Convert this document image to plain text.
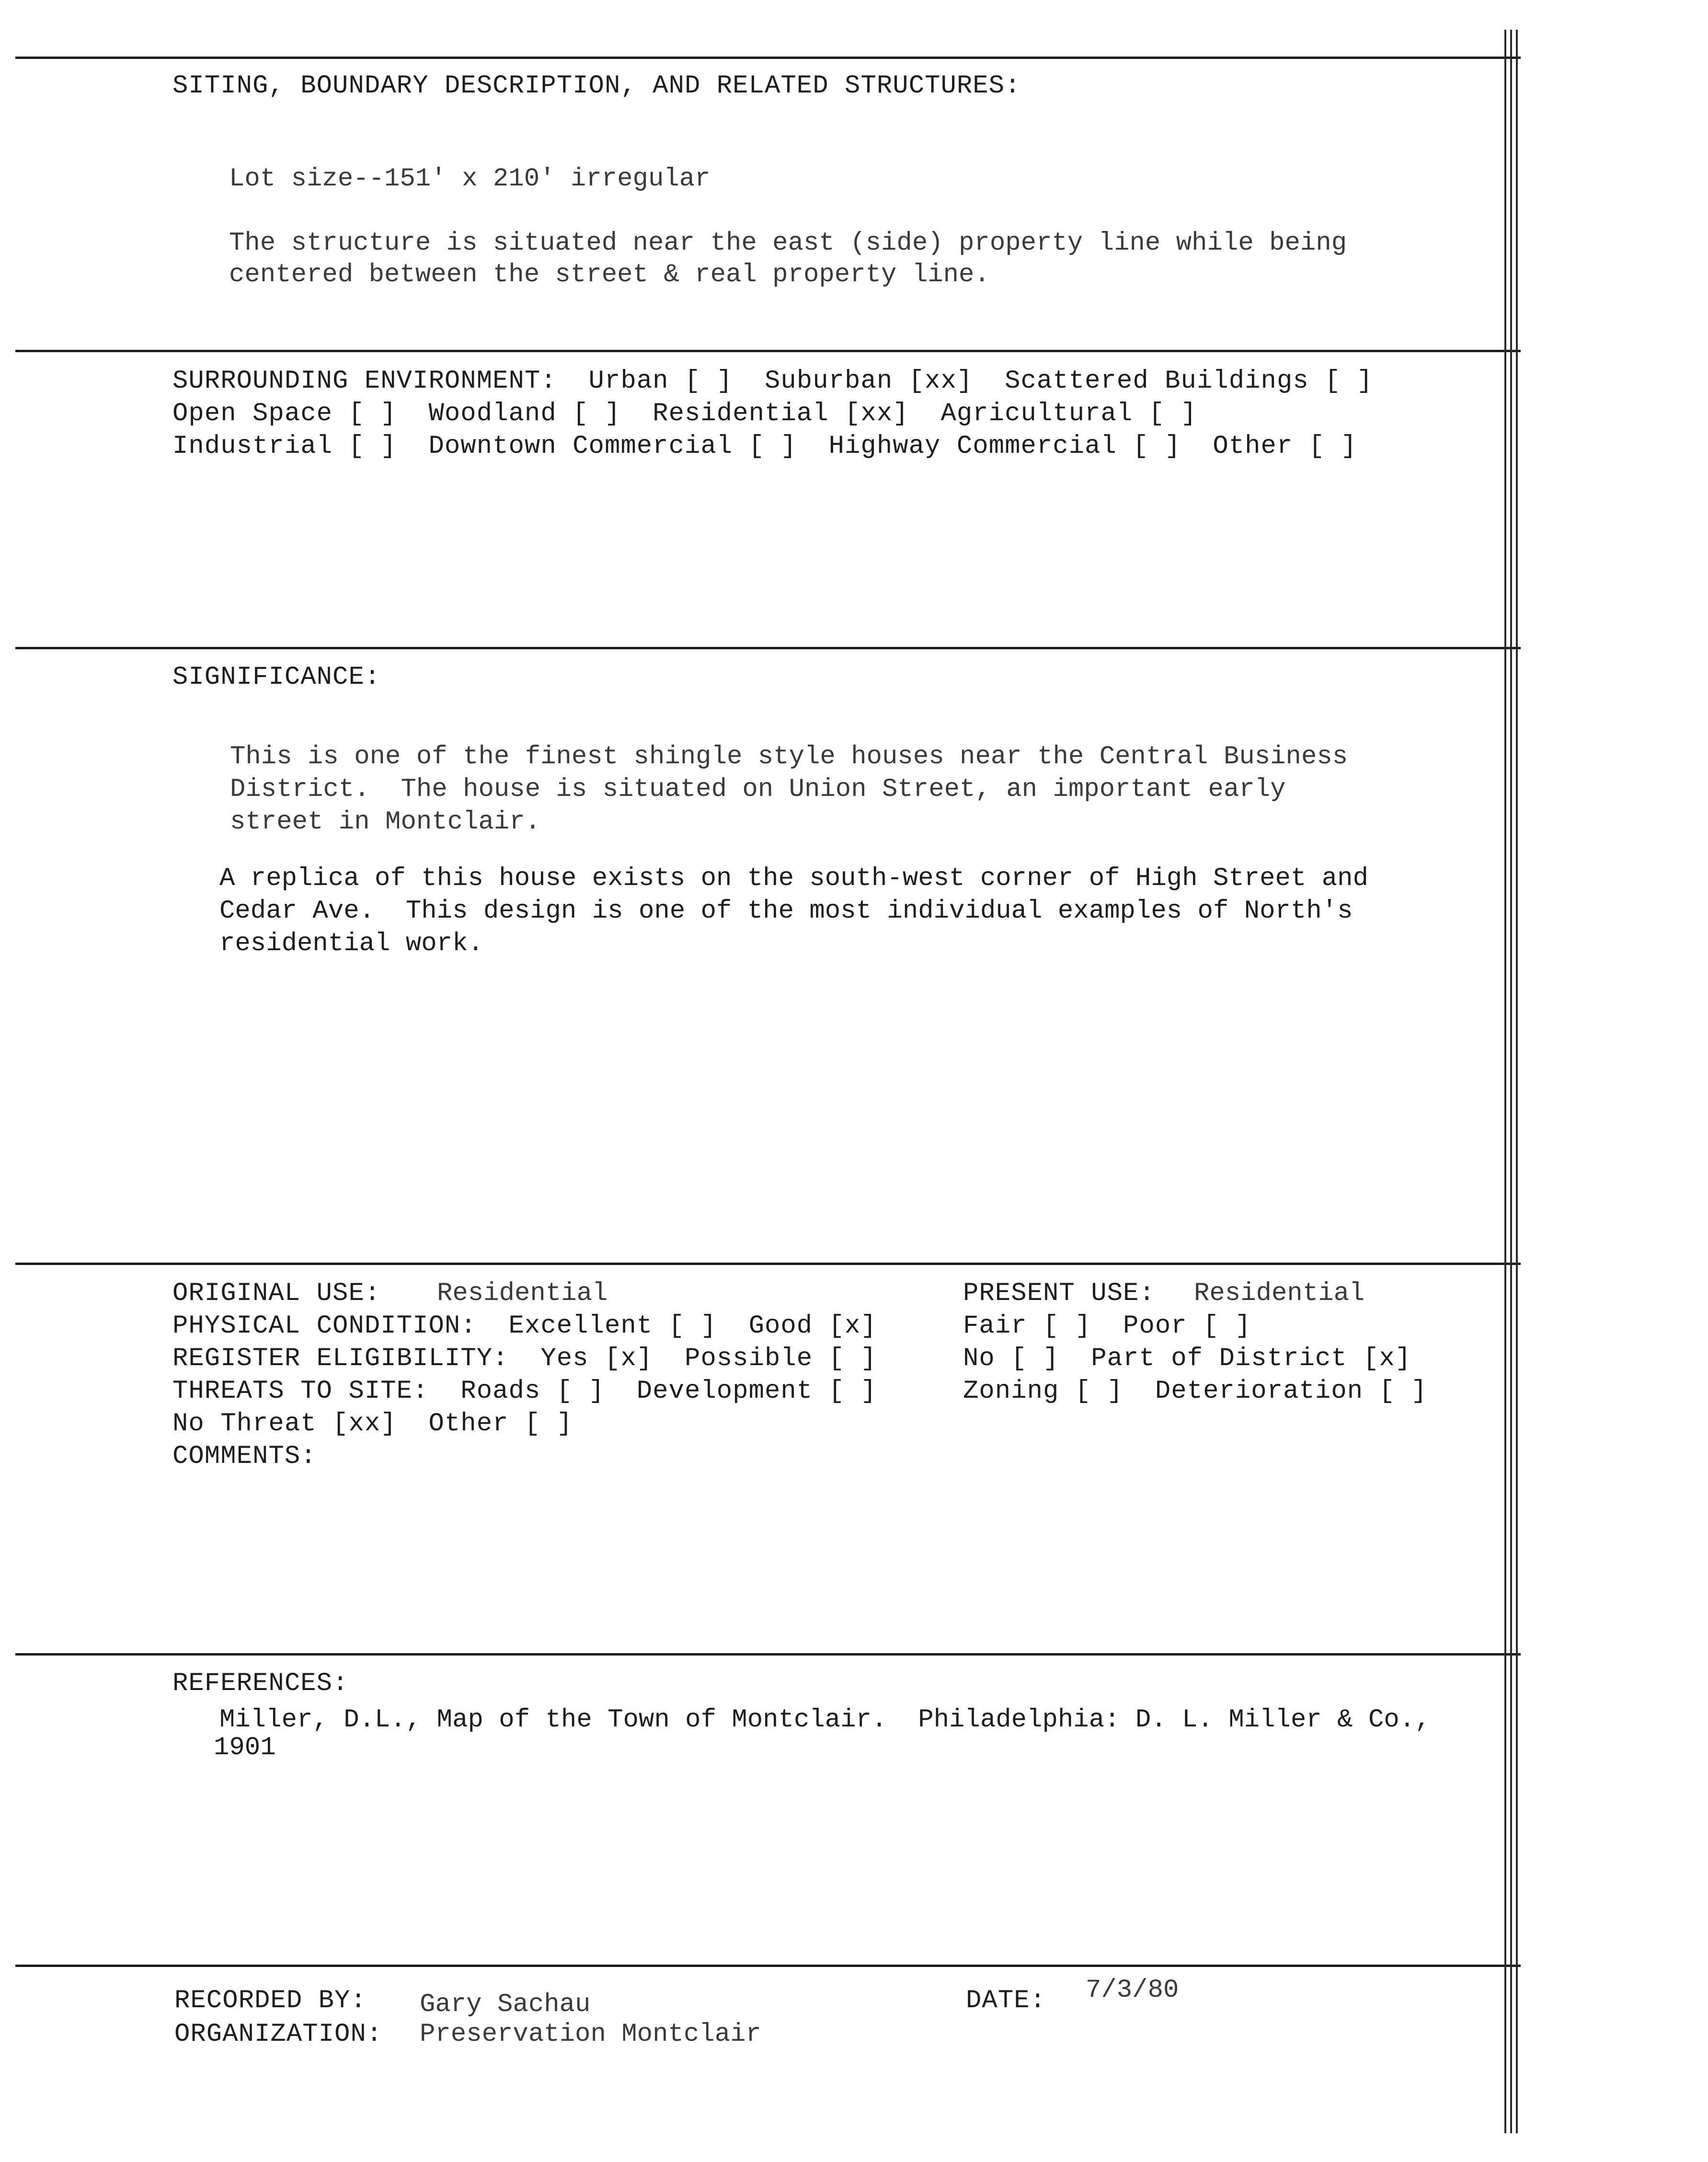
SITING, BOUNDARY DESCRIPTION, AND RELATED STRUCTURES:
Lot size--151' x 210' irregular
The structure is situated near the east (side) property line while being
centered between the street & real property line.
SURROUNDING ENVIRONMENT:  Urban [ ]  Suburban [xx]  Scattered Buildings [ ]
Open Space [ ]  Woodland [ ]  Residential [xx]  Agricultural [ ]
Industrial [ ]  Downtown Commercial [ ]  Highway Commercial [ ]  Other [ ]
SIGNIFICANCE:
This is one of the finest shingle style houses near the Central Business
District.  The house is situated on Union Street, an important early
street in Montclair.
A replica of this house exists on the south-west corner of High Street and
Cedar Ave.  This design is one of the most individual examples of North's
residential work.
ORIGINAL USE: Residential	PRESENT USE: Residential
PHYSICAL CONDITION:  Excellent [ ]  Good [x]	Fair [ ]  Poor [ ]
REGISTER ELIGIBILITY:  Yes [x]  Possible [ ]	No [ ]  Part of District [x]
THREATS TO SITE:  Roads [ ]  Development [ ]	Zoning [ ]  Deterioration [ ]
No Threat [xx]  Other [ ]
COMMENTS:
REFERENCES:
Miller, D.L., Map of the Town of Montclair.  Philadelphia: D. L. Miller & Co.,
1901
RECORDED BY: Gary Sachau
ORGANIZATION: Preservation Montclair
DATE: 7/3/80
